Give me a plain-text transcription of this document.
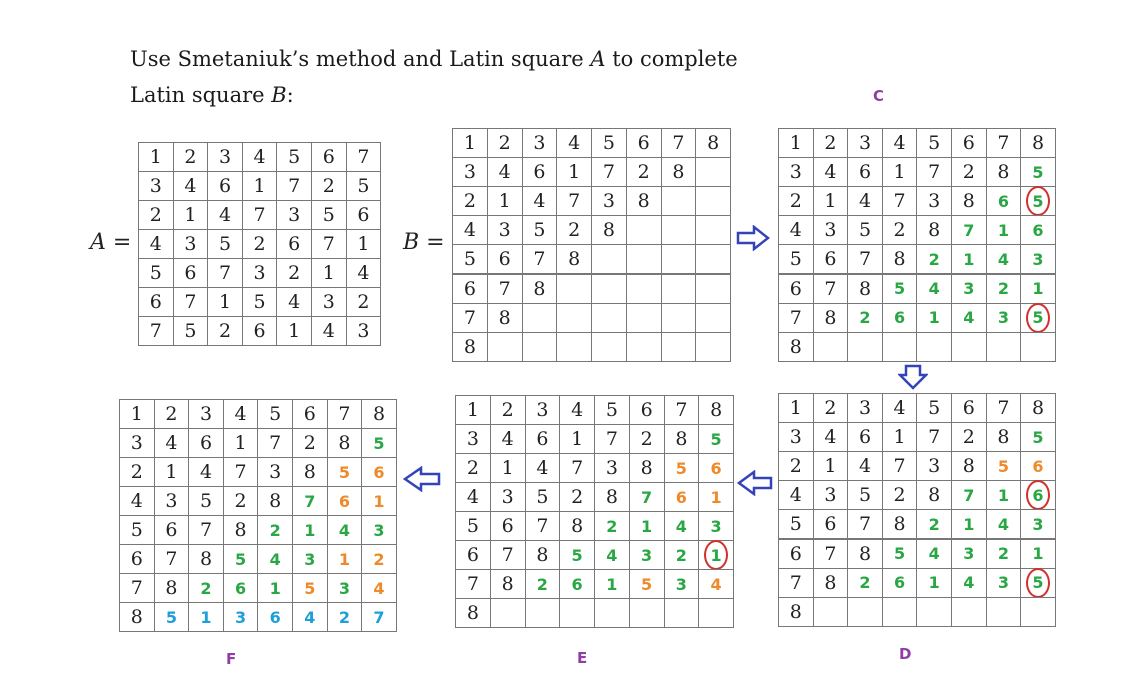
Use Smetaniuk’s method and Latin square A to complete
Latin square B:
A =	B =
1	2	3	4	5	6	7
3	4	6	1	7	2	5
2	1	4	7	3	5	6
4	3	5	2	6	7	1
5	6	7	3	2	1	4
6	7	1	5	4	3	2
7	5	2	6	1	4	3
1	2	3	4	5	6	7	8
3	4	6	1	7	2	8
2	1	4	7	3	8
4	3	5	2	8
5	6	7	8
6	7	8
7	8
8
1	2	3	4	5	6	7	8
3	4	6	1	7	2	8	5
2	1	4	7	3	8	6	5
4	3	5	2	8	7	1	6
5	6	7	8	2	1	4	3
6	7	8	5	4	3	2	1
7	8	2	6	1	4	3	5
8
1	2	3	4	5	6	7	8
3	4	6	1	7	2	8	5
2	1	4	7	3	8	5	6
4	3	5	2	8	7	1	6
5	6	7	8	2	1	4	3
6	7	8	5	4	3	2	1
7	8	2	6	1	4	3	5
8
1	2	3	4	5	6	7	8
3	4	6	1	7	2	8	5
2	1	4	7	3	8	5	6
4	3	5	2	8	7	6	1
5	6	7	8	2	1	4	3
6	7	8	5	4	3	2	1
7	8	2	6	1	5	3	4
8
1	2	3	4	5	6	7	8
3	4	6	1	7	2	8	5
2	1	4	7	3	8	5	6
4	3	5	2	8	7	6	1
5	6	7	8	2	1	4	3
6	7	8	5	4	3	1	2
7	8	2	6	1	5	3	4
8	5	1	3	6	4	2	7
C
D
E
F
